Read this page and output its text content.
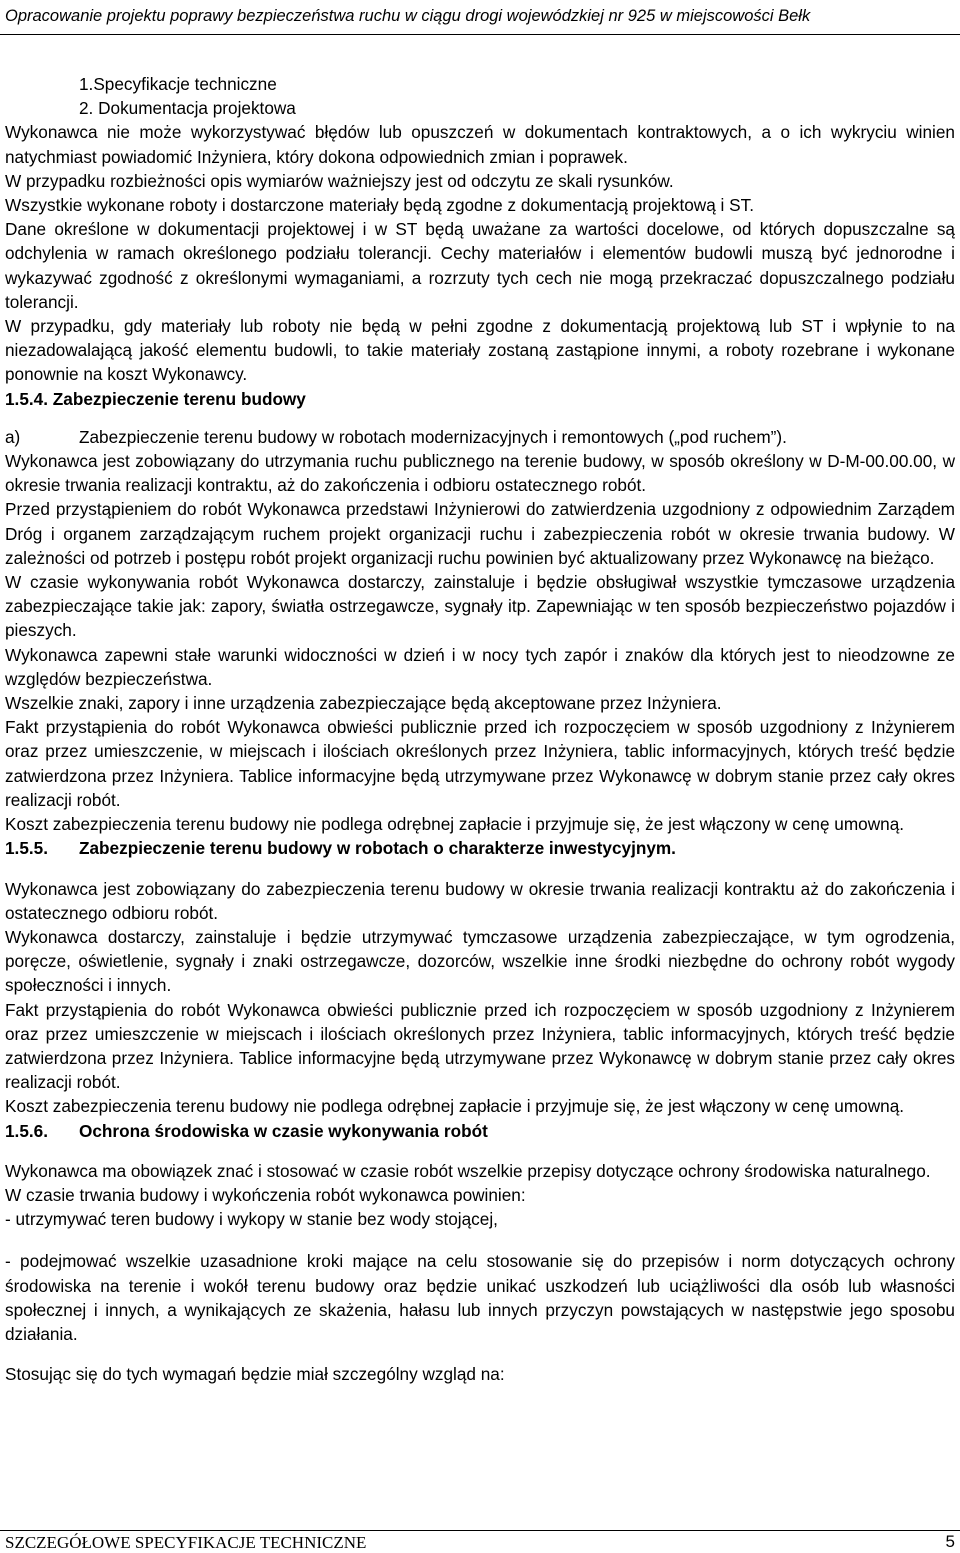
Opracowanie projektu poprawy bezpieczeństwa ruchu w ciągu drogi wojewódzkiej nr 925 w miejscowości Bełk

1.Specyfikacje techniczne

2. Dokumentacja projektowa

Wykonawca nie może wykorzystywać błędów lub opuszczeń w dokumentach kontraktowych, a o ich wykryciu winien natychmiast powiadomić Inżyniera, który dokona odpowiednich zmian i poprawek.

W przypadku rozbieżności opis wymiarów ważniejszy jest od odczytu ze skali rysunków.

Wszystkie wykonane roboty i dostarczone materiały będą zgodne z dokumentacją projektową i ST.

Dane określone w dokumentacji projektowej i w ST będą uważane za wartości docelowe, od których dopuszczalne są odchylenia w ramach określonego podziału tolerancji. Cechy materiałów i elementów budowli muszą być jednorodne i wykazywać zgodność z określonymi wymaganiami, a rozrzuty tych cech nie mogą przekraczać dopuszczalnego podziału tolerancji.

W przypadku, gdy materiały lub roboty nie będą w pełni zgodne z dokumentacją projektową lub ST i wpłynie to na niezadowalającą jakość elementu budowli, to takie materiały zostaną zastąpione innymi, a roboty rozebrane i wykonane ponownie na koszt Wykonawcy.

1.5.4. Zabezpieczenie terenu budowy

a)	Zabezpieczenie terenu budowy w robotach modernizacyjnych i remontowych („pod ruchem”).

Wykonawca jest zobowiązany do utrzymania ruchu publicznego na terenie budowy, w sposób określony w D-M-00.00.00, w okresie trwania realizacji kontraktu, aż do zakończenia i odbioru ostatecznego robót.

Przed przystąpieniem do robót Wykonawca przedstawi Inżynierowi do zatwierdzenia uzgodniony z odpowiednim Zarządem Dróg i organem zarządzającym ruchem projekt organizacji ruchu i zabezpieczenia robót w okresie trwania budowy. W zależności od potrzeb i postępu robót projekt organizacji ruchu powinien być aktualizowany przez Wykonawcę na bieżąco.

W czasie wykonywania robót Wykonawca dostarczy, zainstaluje i będzie obsługiwał wszystkie tymczasowe urządzenia zabezpieczające takie jak: zapory, światła ostrzegawcze, sygnały itp. Zapewniając w ten sposób bezpieczeństwo pojazdów i pieszych.

Wykonawca zapewni stałe warunki widoczności w dzień i w nocy tych zapór i znaków dla których jest to nieodzowne ze względów bezpieczeństwa.

Wszelkie znaki, zapory i inne urządzenia zabezpieczające będą akceptowane przez Inżyniera.

Fakt przystąpienia do robót Wykonawca obwieści publicznie przed ich rozpoczęciem w sposób uzgodniony z Inżynierem oraz przez umieszczenie, w miejscach i ilościach określonych przez Inżyniera, tablic informacyjnych, których treść będzie zatwierdzona przez Inżyniera. Tablice informacyjne będą utrzymywane przez Wykonawcę w dobrym stanie przez cały okres realizacji robót.

Koszt zabezpieczenia terenu budowy nie podlega odrębnej zapłacie i przyjmuje się, że jest włączony w cenę umowną.

1.5.5.	Zabezpieczenie terenu budowy w robotach o charakterze inwestycyjnym.

Wykonawca jest zobowiązany do zabezpieczenia terenu budowy w okresie trwania realizacji kontraktu aż do zakończenia i ostatecznego odbioru robót.

Wykonawca dostarczy, zainstaluje i będzie utrzymywać tymczasowe urządzenia zabezpieczające, w tym ogrodzenia, poręcze, oświetlenie, sygnały i znaki ostrzegawcze, dozorców, wszelkie inne środki niezbędne do ochrony robót wygody społeczności i innych.

Fakt przystąpienia do robót Wykonawca obwieści publicznie przed ich rozpoczęciem w sposób uzgodniony z Inżynierem oraz przez umieszczenie w miejscach i ilościach określonych przez Inżyniera, tablic informacyjnych, których treść będzie zatwierdzona przez Inżyniera. Tablice informacyjne będą utrzymywane przez Wykonawcę w dobrym stanie przez cały okres realizacji robót.

Koszt zabezpieczenia terenu budowy nie podlega odrębnej zapłacie i przyjmuje się, że jest włączony w cenę umowną.

1.5.6.	Ochrona środowiska w czasie wykonywania robót

Wykonawca ma obowiązek znać i stosować w czasie robót wszelkie przepisy dotyczące ochrony środowiska naturalnego.

W czasie trwania budowy i wykończenia robót wykonawca powinien:

- utrzymywać teren budowy i wykopy w stanie bez wody stojącej,

- podejmować wszelkie uzasadnione kroki mające na celu stosowanie się do przepisów i norm dotyczących ochrony środowiska na terenie i wokół terenu budowy oraz będzie unikać uszkodzeń lub uciążliwości dla osób lub własności społecznej i innych, a wynikających ze skażenia, hałasu lub innych przyczyn powstających w następstwie jego sposobu działania.

Stosując się do tych wymagań będzie miał szczególny wzgląd na:

SZCZEGÓŁOWE SPECYFIKACJE TECHNICZNE	5
